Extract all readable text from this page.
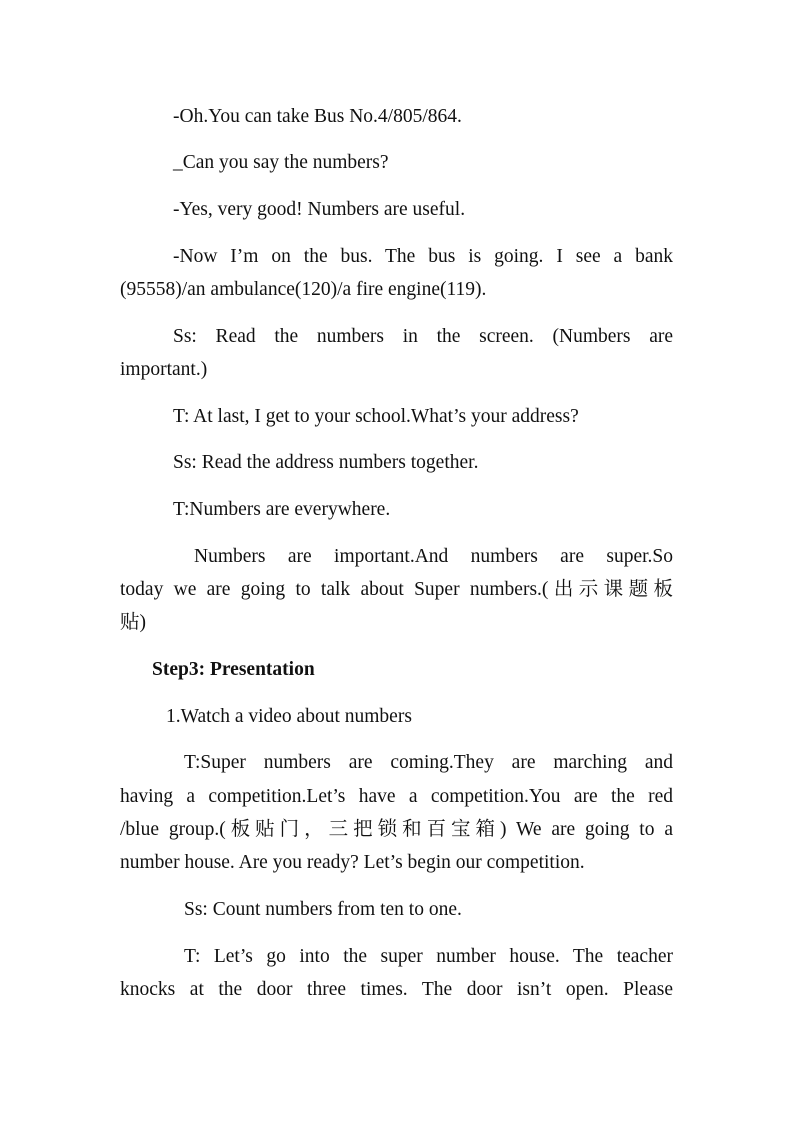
-Oh.You can take Bus No.4/805/864.
_Can you say the numbers?
-Yes, very good! Numbers are useful.
-Now I’m on the bus. The bus is going. I see a bank
(95558)/an ambulance(120)/a fire engine(119).
Ss: Read the numbers in the screen. (Numbers are
important.)
T: At last, I get to your school.What’s your address?
Ss: Read the address numbers together.
T:Numbers are everywhere.
Numbers are important.And numbers are super.So
today we are going to talk about Super numbers.(出示课题板
贴)
Step3: Presentation
1.Watch a video about numbers
T:Super numbers are coming.They are marching and
having a competition.Let’s have a competition.You are the red
/blue group.(板贴门，三把锁和百宝箱) We are going to a
number house. Are you ready? Let’s begin our competition.
Ss: Count numbers from ten to one.
T: Let’s go into the super number house. The teacher
knocks at the door three times. The door isn’t open. Please
